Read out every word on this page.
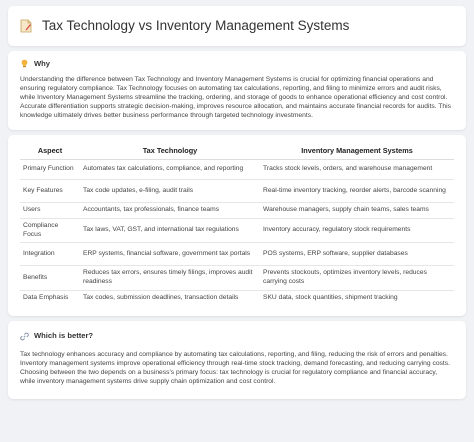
Tax Technology vs Inventory Management Systems
Why

Understanding the difference between Tax Technology and Inventory Management Systems is crucial for optimizing financial operations and ensuring regulatory compliance. Tax Technology focuses on automating tax calculations, reporting, and filing to minimize errors and audit risks, while Inventory Management Systems streamline the tracking, ordering, and storage of goods to enhance operational efficiency and cost control. Accurate differentiation supports strategic decision-making, improves resource allocation, and maintains accurate financial records for audits. This knowledge ultimately drives better business performance through targeted technology investments.

Aspect	Tax Technology	Inventory Management Systems
Primary Function	Automates tax calculations, compliance, and reporting	Tracks stock levels, orders, and warehouse management
Key Features	Tax code updates, e-filing, audit trails	Real-time inventory tracking, reorder alerts, barcode scanning
Users	Accountants, tax professionals, finance teams	Warehouse managers, supply chain teams, sales teams
Compliance Focus	Tax laws, VAT, GST, and international tax regulations	Inventory accuracy, regulatory stock requirements
Integration	ERP systems, financial software, government tax portals	POS systems, ERP software, supplier databases
Benefits	Reduces tax errors, ensures timely filings, improves audit readiness	Prevents stockouts, optimizes inventory levels, reduces carrying costs
Data Emphasis	Tax codes, submission deadlines, transaction details	SKU data, stock quantities, shipment tracking
Which is better?

Tax technology enhances accuracy and compliance by automating tax calculations, reporting, and filing, reducing the risk of errors and penalties. Inventory management systems improve operational efficiency through real-time stock tracking, demand forecasting, and reducing carrying costs. Choosing between the two depends on a business's primary focus: tax technology is crucial for regulatory compliance and financial accuracy, while inventory management systems drive supply chain optimization and cost control.
